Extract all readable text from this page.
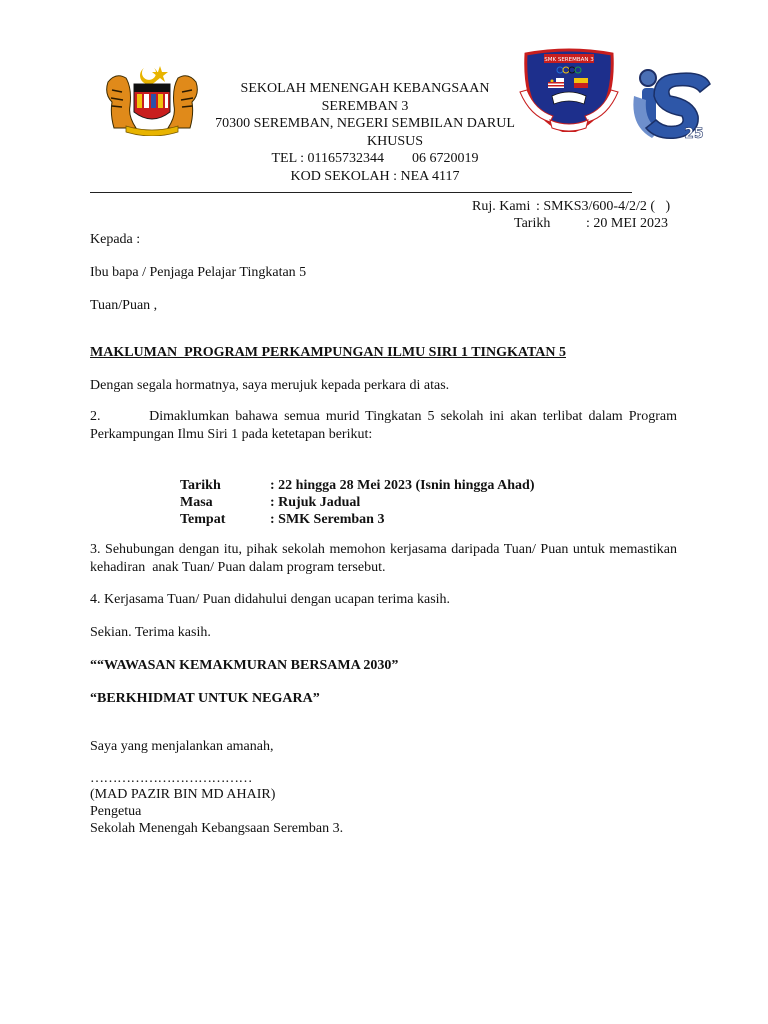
SEKOLAH MENENGAH KEBANGSAAN
SEREMBAN 3
70300 SEREMBAN, NEGERI SEMBILAN DARUL
KHUSUS
TEL : 01165732344        06 6720019
KOD SEKOLAH : NEA 4117
SMK SEREMBAN 3
25
Ruj. Kami : SMKS3/600-4/2/2 (   )
Tarikh	: 20 MEI 2023
Kepada :
Ibu bapa / Penjaga Pelajar Tingkatan 5
Tuan/Puan ,
MAKLUMAN  PROGRAM PERKAMPUNGAN ILMU SIRI 1 TINGKATAN 5
Dengan segala hormatnya, saya merujuk kepada perkara di atas.
2.        Dimaklumkan bahawa semua murid Tingkatan 5 sekolah ini akan terlibat dalam Program
Perkampungan Ilmu Siri 1 pada ketetapan berikut:
Tarikh	: 22 hingga 28 Mei 2023 (Isnin hingga Ahad)
Masa	: Rujuk Jadual
Tempat	: SMK Seremban 3
3. Sehubungan dengan itu, pihak sekolah memohon kerjasama daripada Tuan/ Puan untuk memastikan
kehadiran  anak Tuan/ Puan dalam program tersebut.
4. Kerjasama Tuan/ Puan didahului dengan ucapan terima kasih.
Sekian. Terima kasih.
““WAWASAN KEMAKMURAN BERSAMA 2030”
“BERKHIDMAT UNTUK NEGARA”
Saya yang menjalankan amanah,
………………………………
(MAD PAZIR BIN MD AHAIR)
Pengetua
Sekolah Menengah Kebangsaan Seremban 3.
